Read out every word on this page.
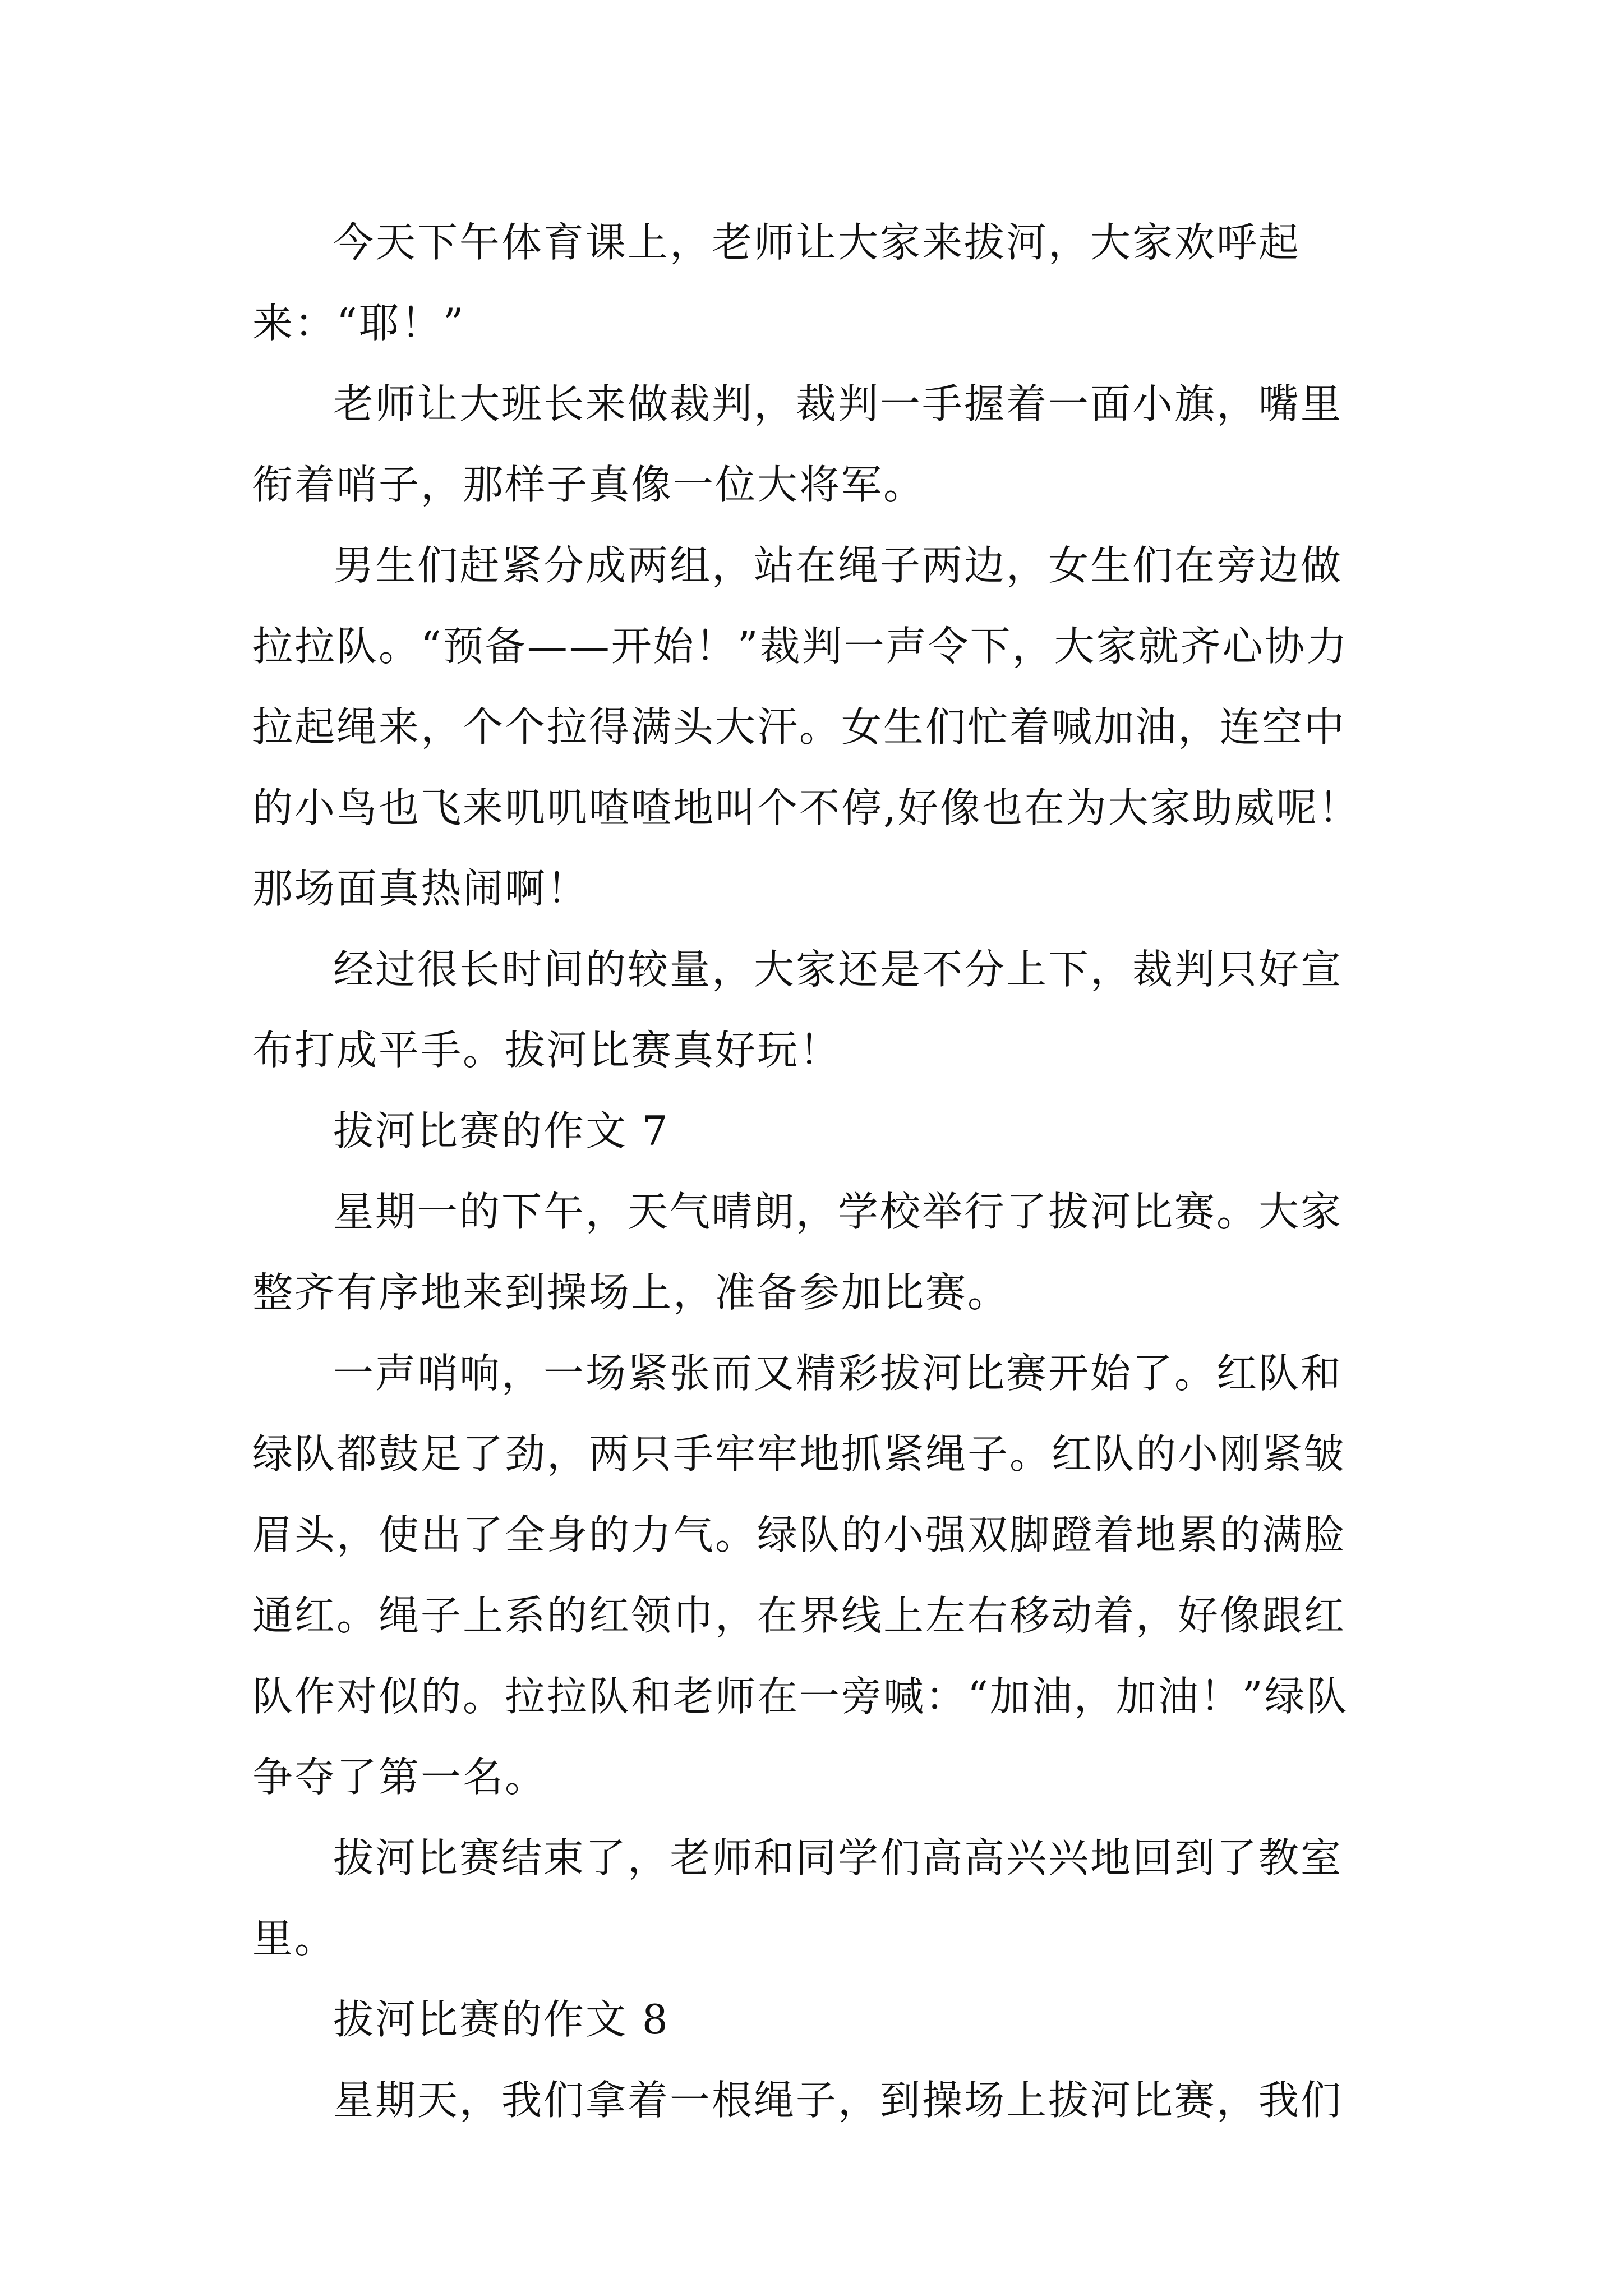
今天下午体育课上，老师让大家来拔河，大家欢呼起来：“耶！”

老师让大班长来做裁判，裁判一手握着一面小旗，嘴里衔着哨子，那样子真像一位大将军。

男生们赶紧分成两组，站在绳子两边，女生们在旁边做拉拉队。“预备——开始！”裁判一声令下，大家就齐心协力拉起绳来，个个拉得满头大汗。女生们忙着喊加油，连空中的小鸟也飞来叽叽喳喳地叫个不停,好像也在为大家助威呢！那场面真热闹啊！

经过很长时间的较量，大家还是不分上下，裁判只好宣布打成平手。拔河比赛真好玩！

拔河比赛的作文 7

星期一的下午，天气晴朗，学校举行了拔河比赛。大家整齐有序地来到操场上，准备参加比赛。

一声哨响，一场紧张而又精彩拔河比赛开始了。红队和绿队都鼓足了劲，两只手牢牢地抓紧绳子。红队的小刚紧皱眉头，使出了全身的力气。绿队的小强双脚蹬着地累的满脸通红。绳子上系的红领巾，在界线上左右移动着，好像跟红队作对似的。拉拉队和老师在一旁喊：“加油，加油！”绿队争夺了第一名。

拔河比赛结束了，老师和同学们高高兴兴地回到了教室里。

拔河比赛的作文 8

星期天，我们拿着一根绳子，到操场上拔河比赛，我们
